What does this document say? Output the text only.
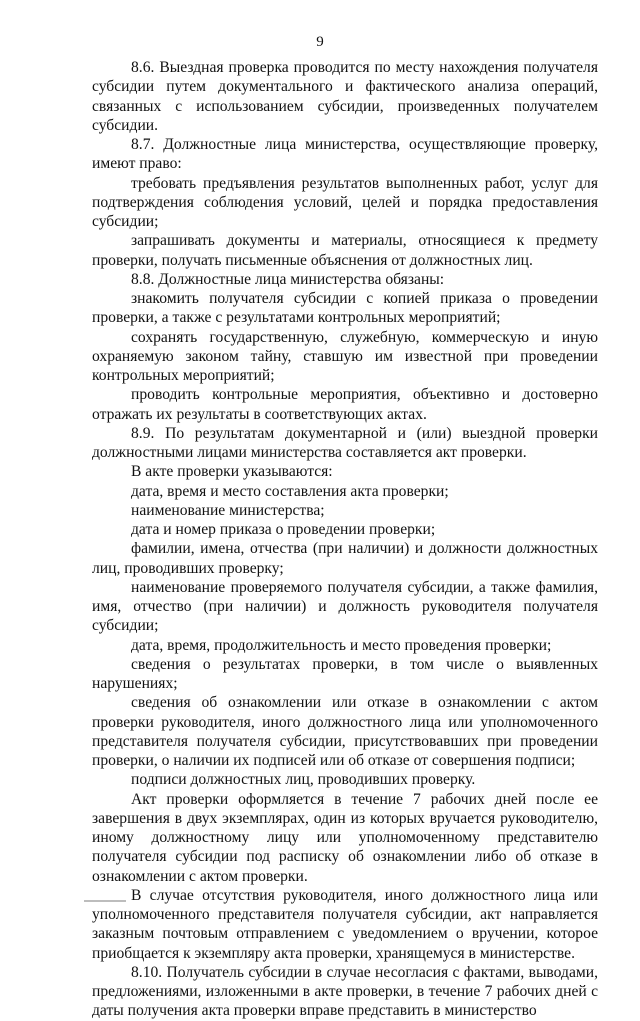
9

8.6. Выездная проверка проводится по месту нахождения получателя субсидии путем документального и фактического анализа операций, связанных с использованием субсидии, произведенных получателем субсидии.

8.7. Должностные лица министерства, осуществляющие проверку, имеют право:

требовать предъявления результатов выполненных работ, услуг для подтверждения соблюдения условий, целей и порядка предоставления субсидии;

запрашивать документы и материалы, относящиеся к предмету проверки, получать письменные объяснения от должностных лиц.

8.8. Должностные лица министерства обязаны:

знакомить получателя субсидии с копией приказа о проведении проверки, а также с результатами контрольных мероприятий;

сохранять государственную, служебную, коммерческую и иную охраняемую законом тайну, ставшую им известной при проведении контрольных мероприятий;

проводить контрольные мероприятия, объективно и достоверно отражать их результаты в соответствующих актах.

8.9. По результатам документарной и (или) выездной проверки должностными лицами министерства составляется акт проверки.

В акте проверки указываются:

дата, время и место составления акта проверки;

наименование министерства;

дата и номер приказа о проведении проверки;

фамилии, имена, отчества (при наличии) и должности должностных лиц, проводивших проверку;

наименование проверяемого получателя субсидии, а также фамилия, имя, отчество (при наличии) и должность руководителя получателя субсидии;

дата, время, продолжительность и место проведения проверки;

сведения о результатах проверки, в том числе о выявленных нарушениях;

сведения об ознакомлении или отказе в ознакомлении с актом проверки руководителя, иного должностного лица или уполномоченного представителя получателя субсидии, присутствовавших при проведении проверки, о наличии их подписей или об отказе от совершения подписи;

подписи должностных лиц, проводивших проверку.

Акт проверки оформляется в течение 7 рабочих дней после ее завершения в двух экземплярах, один из которых вручается руководителю, иному должностному лицу или уполномоченному представителю получателя субсидии под расписку об ознакомлении либо об отказе в ознакомлении с актом проверки.

В случае отсутствия руководителя, иного должностного лица или уполномоченного представителя получателя субсидии, акт направляется заказным почтовым отправлением с уведомлением о вручении, которое приобщается к экземпляру акта проверки, хранящемуся в министерстве.

8.10. Получатель субсидии в случае несогласия с фактами, выводами, предложениями, изложенными в акте проверки, в течение 7 рабочих дней с даты получения акта проверки вправе представить в министерство
